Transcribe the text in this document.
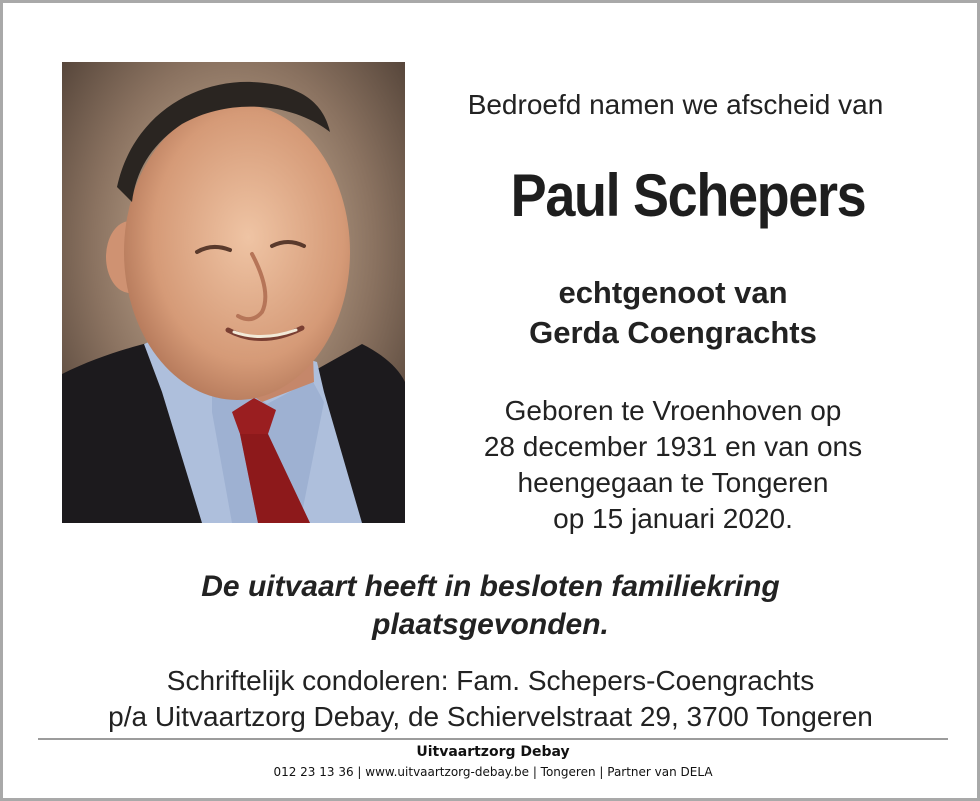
Bedroefd namen we afscheid van
Paul Schepers
echtgenoot van
Gerda Coengrachts
Geboren te Vroenhoven op
28 december 1931 en van ons
heengegaan te Tongeren
op 15 januari 2020.
De uitvaart heeft in besloten familiekring
plaatsgevonden.
Schriftelijk condoleren: Fam. Schepers-Coengrachts
p/a Uitvaartzorg Debay, de Schiervelstraat 29, 3700 Tongeren
Uitvaartzorg Debay
012 23 13 36 | www.uitvaartzorg-debay.be | Tongeren | Partner van DELA
